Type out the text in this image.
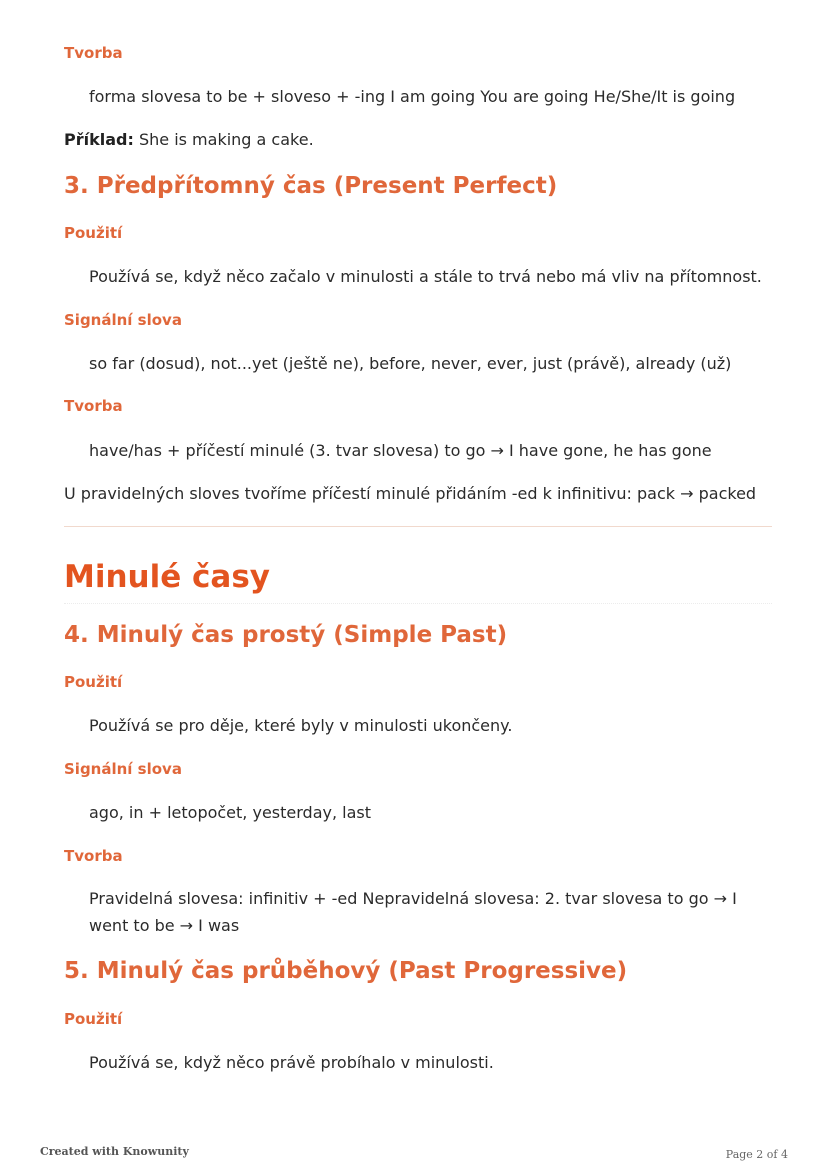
Tvorba
forma slovesa to be + sloveso + -ing I am going You are going He/She/It is going
Příklad: She is making a cake.
3. Předpřítomný čas (Present Perfect)
Použití
Používá se, když něco začalo v minulosti a stále to trvá nebo má vliv na přítomnost.
Signální slova
so far (dosud), not...yet (ještě ne), before, never, ever, just (právě), already (už)
Tvorba
have/has + příčestí minulé (3. tvar slovesa) to go → I have gone, he has gone
U pravidelných sloves tvoříme příčestí minulé přidáním -ed k infinitivu: pack → packed
Minulé časy
4. Minulý čas prostý (Simple Past)
Použití
Používá se pro děje, které byly v minulosti ukončeny.
Signální slova
ago, in + letopočet, yesterday, last
Tvorba
Pravidelná slovesa: infinitiv + -ed Nepravidelná slovesa: 2. tvar slovesa to go → I went to be → I was
5. Minulý čas průběhový (Past Progressive)
Použití
Používá se, když něco právě probíhalo v minulosti.
Created with Knowunity	Page 2 of 4
